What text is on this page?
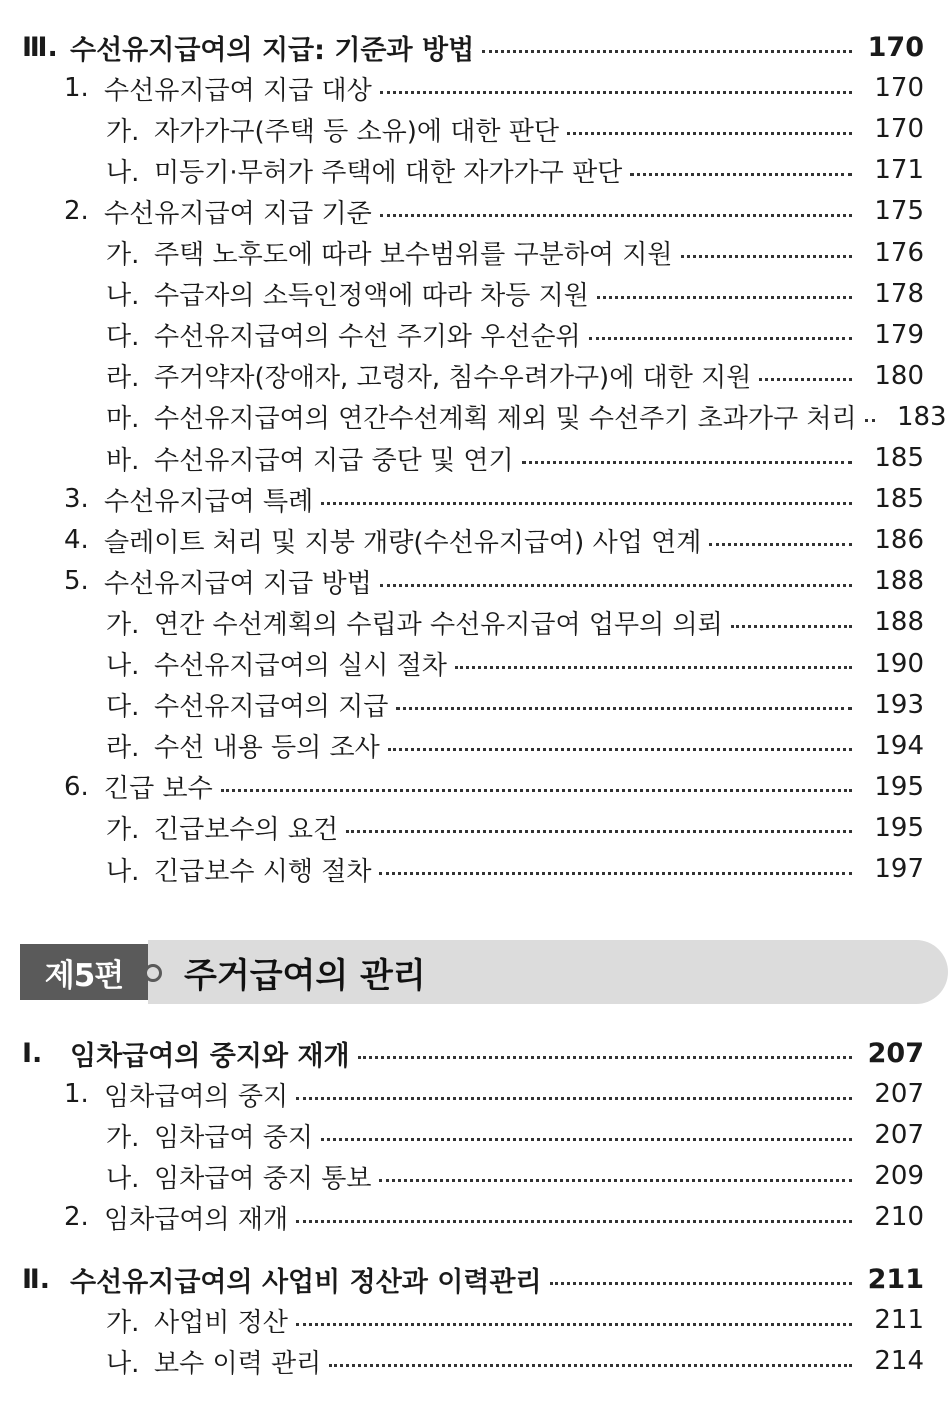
Ⅲ. 수선유지급여의 지급: 기준과 방법	170
1. 수선유지급여 지급 대상	170
가. 자가가구(주택 등 소유)에 대한 판단	170
나. 미등기·무허가 주택에 대한 자가가구 판단	171
2. 수선유지급여 지급 기준	175
가. 주택 노후도에 따라 보수범위를 구분하여 지원	176
나. 수급자의 소득인정액에 따라 차등 지원	178
다. 수선유지급여의 수선 주기와 우선순위	179
라. 주거약자(장애자, 고령자, 침수우려가구)에 대한 지원	180
마. 수선유지급여의 연간수선계획 제외 및 수선주기 초과가구 처리	183
바. 수선유지급여 지급 중단 및 연기	185
3. 수선유지급여 특례	185
4. 슬레이트 처리 및 지붕 개량(수선유지급여) 사업 연계	186
5. 수선유지급여 지급 방법	188
가. 연간 수선계획의 수립과 수선유지급여 업무의 의뢰	188
나. 수선유지급여의 실시 절차	190
다. 수선유지급여의 지급	193
라. 수선 내용 등의 조사	194
6. 긴급 보수	195
가. 긴급보수의 요건	195
나. 긴급보수 시행 절차	197
제5편	주거급여의 관리
Ⅰ.	임차급여의 중지와 재개	207
1. 임차급여의 중지	207
가. 임차급여 중지	207
나. 임차급여 중지 통보	209
2. 임차급여의 재개	210
Ⅱ. 수선유지급여의 사업비 정산과 이력관리	211
가. 사업비 정산	211
나. 보수 이력 관리	214
